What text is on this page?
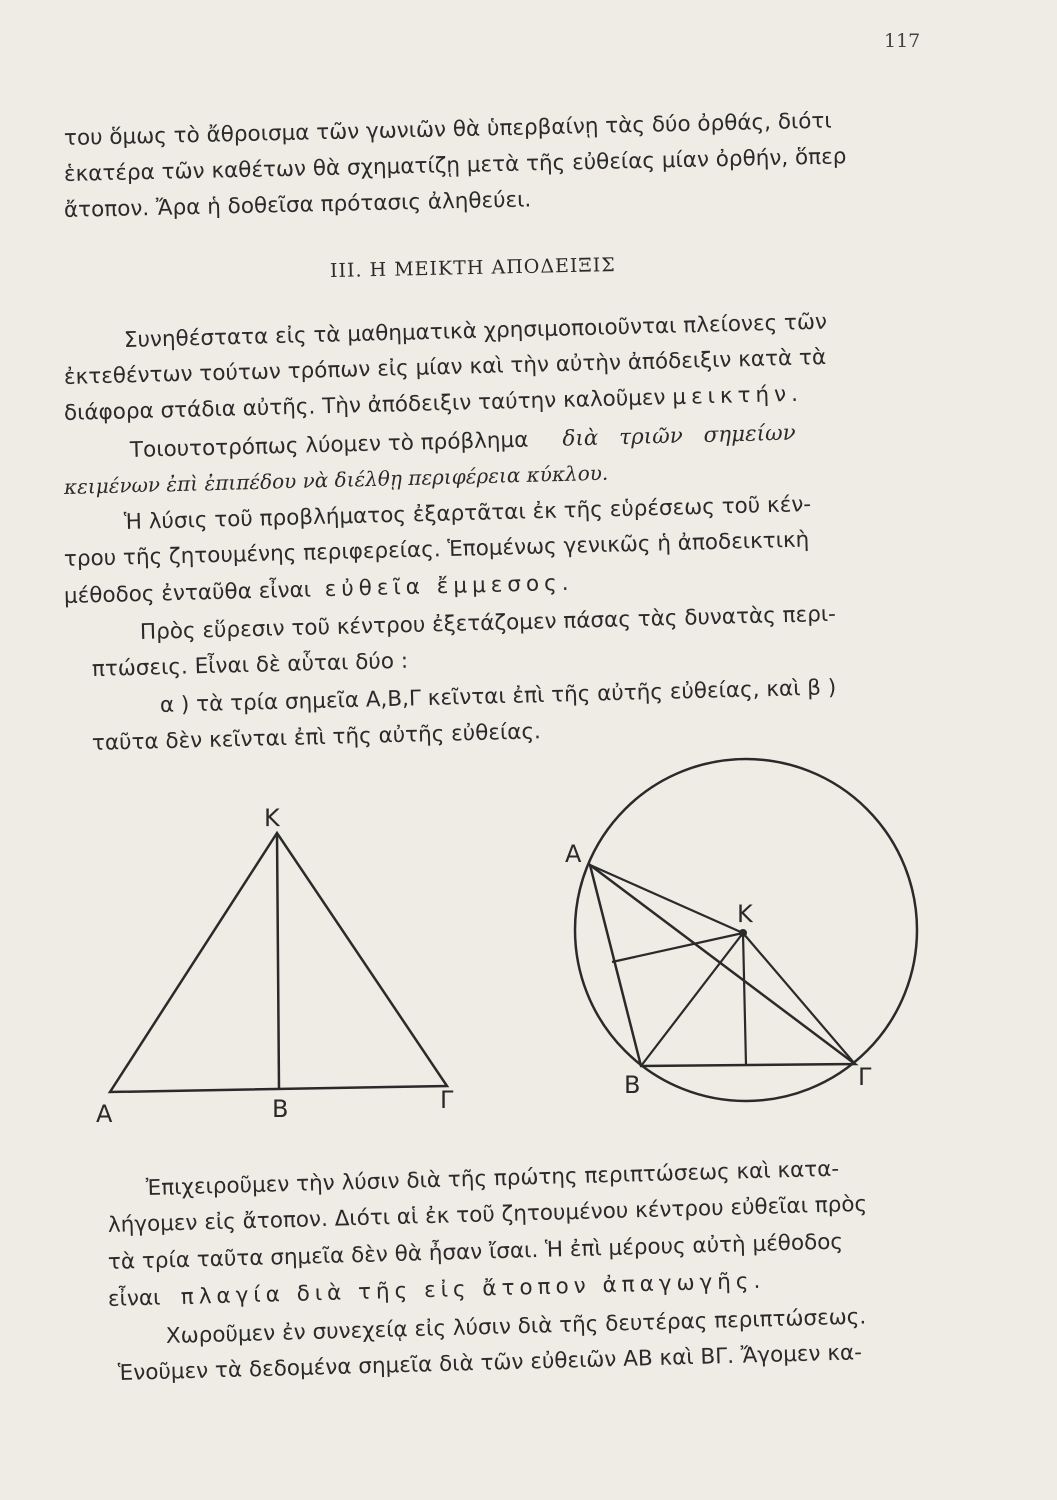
117
του ὅμως τὸ ἄθροισμα τῶν γωνιῶν θὰ ὑπερβαίνῃ τὰς δύο ὀρθάς, διότι
ἑκατέρα τῶν καθέτων θὰ σχηματίζῃ μετὰ τῆς εὐθείας μίαν ὀρθήν, ὅπερ
ἄτοπον. Ἄρα ἡ δοθεῖσα πρότασις ἀληθεύει.
ΙΙΙ. Η ΜΕΙΚΤΗ ΑΠΟΔΕΙΞΙΣ
Συνηθέστατα εἰς τὰ μαθηματικὰ χρησιμοποιοῦνται πλείονες τῶν
ἐκτεθέντων τούτων τρόπων εἰς μίαν καὶ τὴν αὐτὴν ἀπόδειξιν κατὰ τὰ
διάφορα στάδια αὐτῆς. Τὴν ἀπόδειξιν ταύτην καλοῦμεν μεικτήν.
Τοιουτοτρόπως λύομεν τὸ πρόβλημα διὰ τριῶν σημείων
κειμένων ἐπὶ ἐπιπέδου νὰ διέλθῃ περιφέρεια κύκλου.
Ἡ λύσις τοῦ προβλήματος ἐξαρτᾶται ἐκ τῆς εὑρέσεως τοῦ κέν-
τρου τῆς ζητουμένης περιφερείας. Ἑπομένως γενικῶς ἡ ἀποδεικτικὴ
μέθοδος ἐνταῦθα εἶναι εὐθεῖα ἔμμεσος.
Πρὸς εὕρεσιν τοῦ κέντρου ἐξετάζομεν πάσας τὰς δυνατὰς περι-
πτώσεις. Εἶναι δὲ αὗται δύο :
α ) τὰ τρία σημεῖα Α,Β,Γ κεῖνται ἐπὶ τῆς αὐτῆς εὐθείας, καὶ β )
ταῦτα δὲν κεῖνται ἐπὶ τῆς αὐτῆς εὐθείας.
Κ
Α	Β	Γ
Α
Κ
Β	Γ
Ἐπιχειροῦμεν τὴν λύσιν διὰ τῆς πρώτης περιπτώσεως καὶ κατα-
λήγομεν εἰς ἄτοπον. Διότι αἱ ἐκ τοῦ ζητουμένου κέντρου εὐθεῖαι πρὸς
τὰ τρία ταῦτα σημεῖα δὲν θὰ ἦσαν ἴσαι. Ἡ ἐπὶ μέρους αὐτὴ μέθοδος
εἶναι πλαγία διὰ τῆς εἰς ἄτοπον ἀπαγωγῆς.
Χωροῦμεν ἐν συνεχείᾳ εἰς λύσιν διὰ τῆς δευτέρας περιπτώσεως.
Ἑνοῦμεν τὰ δεδομένα σημεῖα διὰ τῶν εὐθειῶν ΑΒ καὶ ΒΓ. Ἄγομεν κα-
